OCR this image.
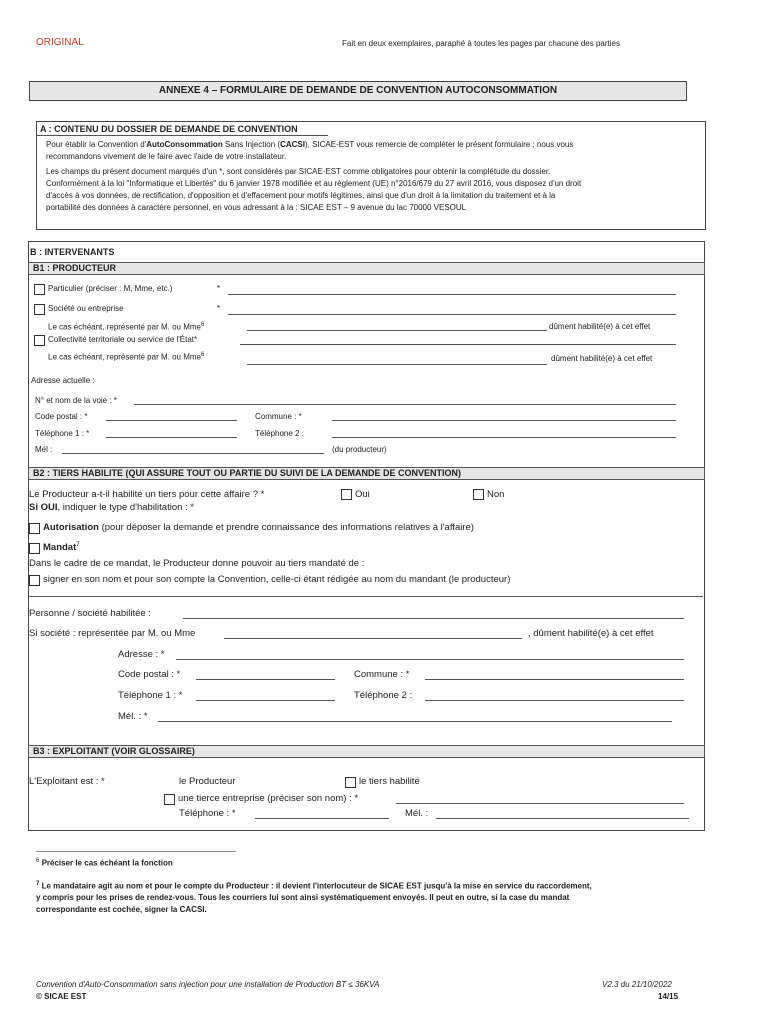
ORIGINAL	Fait en deux exemplaires, paraphé à toutes les pages par chacune des parties
ANNEXE 4 – FORMULAIRE DE DEMANDE DE CONVENTION AUTOCONSOMMATION
A : CONTENU DU DOSSIER DE DEMANDE DE CONVENTION
Pour établir la Convention d'AutoConsommation Sans Injection (CACSI), SICAE-EST vous remercie de compléter le présent formulaire ; nous vous
recommandons vivement de le faire avec l'aide de votre installateur.
Les champs du présent document marqués d'un *, sont considérés par SICAE-EST comme obligatoires pour obtenir la complétude du dossier.
Conformément à la loi "Informatique et Libertés" du 6 janvier 1978 modifiée et au règlement (UE) n°2016/679 du 27 avril 2016, vous disposez d'un droit
d'accès à vos données, de rectification, d'opposition et d'effacement pour motifs légitimes, ainsi que d'un droit à la limitation du traitement et à la
portabilité des données à caractère personnel, en vous adressant à la : SICAE EST – 9 avenue du lac 70000 VESOUL
B : INTERVENANTS
B1 : PRODUCTEUR
Particulier (préciser : M, Mme, etc.)	*
Société ou entreprise	*
Le cas échéant, représenté par M. ou Mme$^6$	dûment habilité(e) à cet effet
Collectivité territoriale ou service de l'État*
Le cas échéant, représenté par M. ou Mme$^6$	dûment habilité(e) à cet effet
Adresse actuelle :
N° et nom de la voie : *
Code postal : *	Commune : *
Téléphone 1 : *	Téléphone 2 :
Mél :	(du producteur)
B2 : TIERS HABILITE (QUI ASSURE TOUT OU PARTIE DU SUIVI DE LA DEMANDE DE CONVENTION)
Le Producteur a-t-il habilité un tiers pour cette affaire ? *	Oui	Non
Si OUI, indiquer le type d'habilitation : *
Autorisation (pour déposer la demande et prendre connaissance des informations relatives à l'affaire)
Mandat$^7$
Dans le cadre de ce mandat, le Producteur donne pouvoir au tiers mandaté de :
signer en son nom et pour son compte la Convention, celle-ci étant rédigée au nom du mandant (le producteur)
Personne / société habilitée :
Si société : représentée par M. ou Mme	, dûment habilité(e) à cet effet
Adresse : *
Code postal : *	Commune : *
Téléphone 1 : *	Téléphone 2 :
Mél. : *
B3 : EXPLOITANT (VOIR GLOSSAIRE)
L'Exploitant est : *	le Producteur	le tiers habilité
une tierce entreprise (préciser son nom) : *
Téléphone : *	Mél. :
$^6$ Préciser le cas échéant la fonction
$^7$ Le mandataire agit au nom et pour le compte du Producteur : il devient l'interlocuteur de SICAE EST jusqu'à la mise en service du raccordement,
y compris pour les prises de rendez-vous. Tous les courriers lui sont ainsi systématiquement envoyés. Il peut en outre, si la case du mandat
correspondante est cochée, signer la CACSI.
Convention d'Auto-Consommation sans injection pour une installation de Production BT ≤ 36KVA
© SICAE EST
V2.3 du 21/10/2022
14/15
